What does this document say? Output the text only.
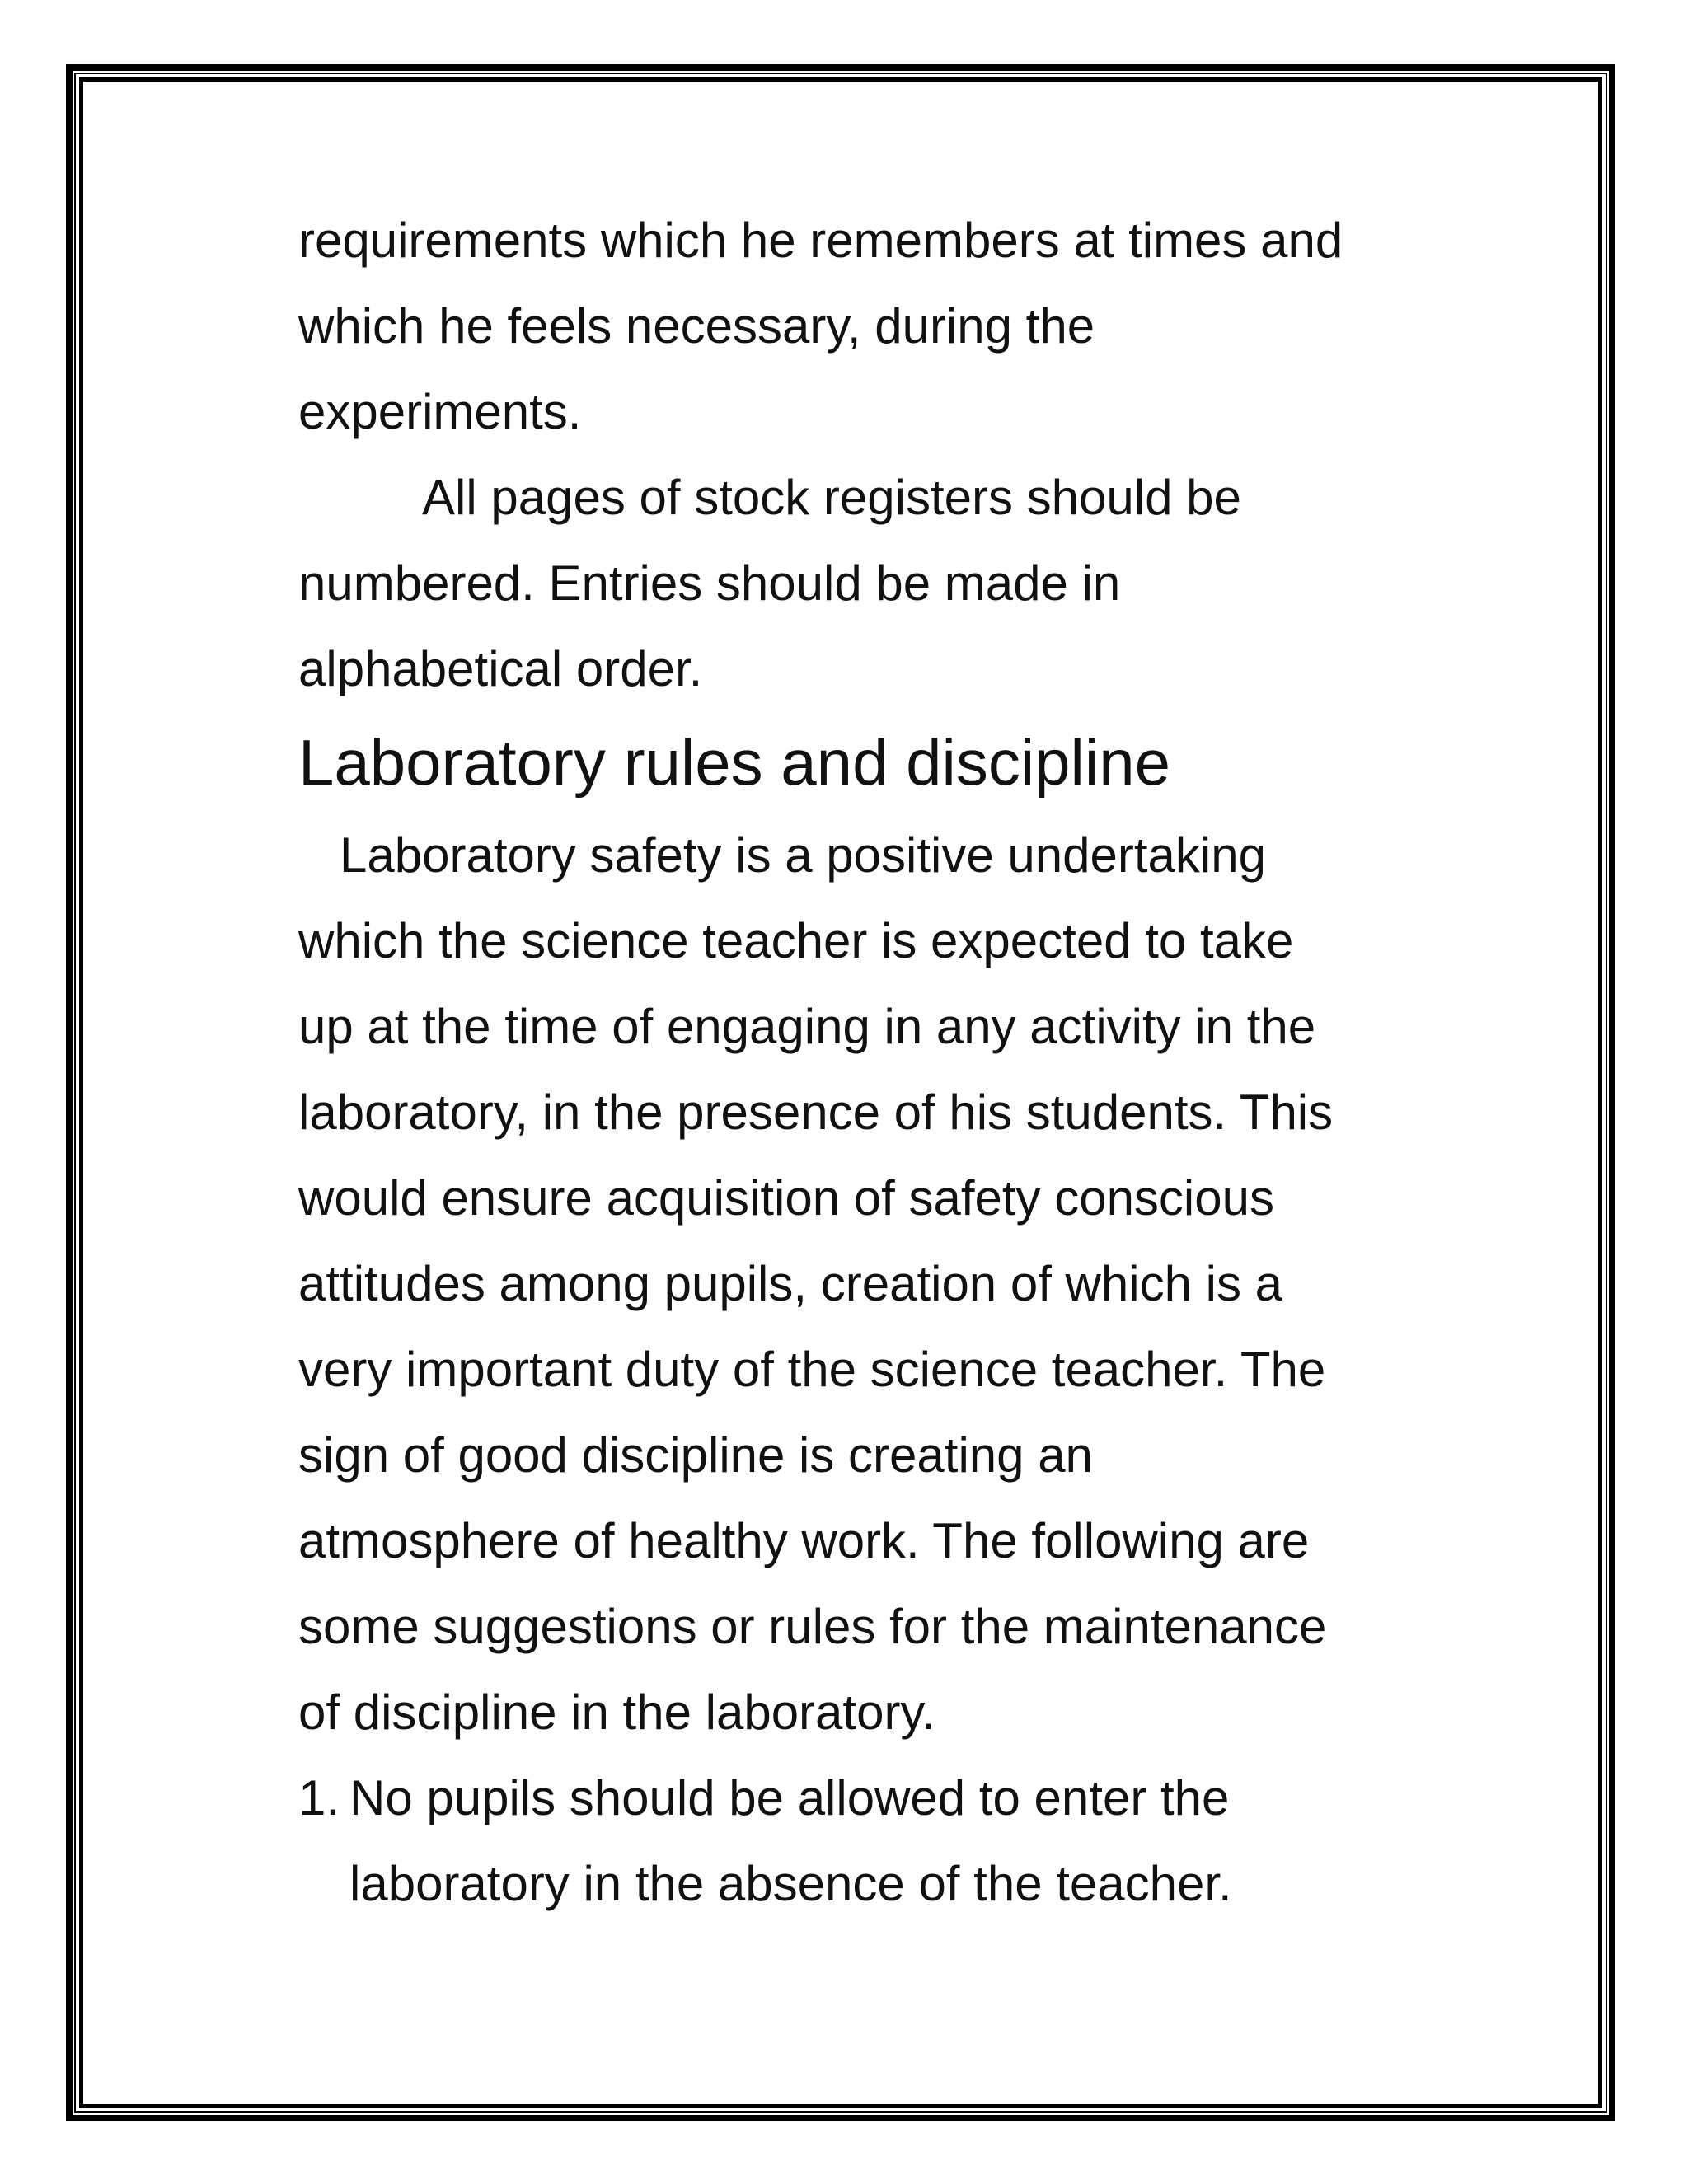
requirements which he remembers at times and
which he feels necessary, during the
experiments.
All pages of stock registers should be
numbered. Entries should be made in
alphabetical order.
Laboratory rules and discipline
Laboratory safety is a positive undertaking
which the science teacher is expected to take
up at the time of engaging in any activity in the
laboratory, in the presence of his students. This
would ensure acquisition of safety conscious
attitudes among pupils, creation of which is a
very important duty of the science teacher. The
sign of good discipline is creating an
atmosphere of healthy work. The following are
some suggestions or rules for the maintenance
of discipline in the laboratory.
1. No pupils should be allowed to enter the
laboratory in the absence of the teacher.
